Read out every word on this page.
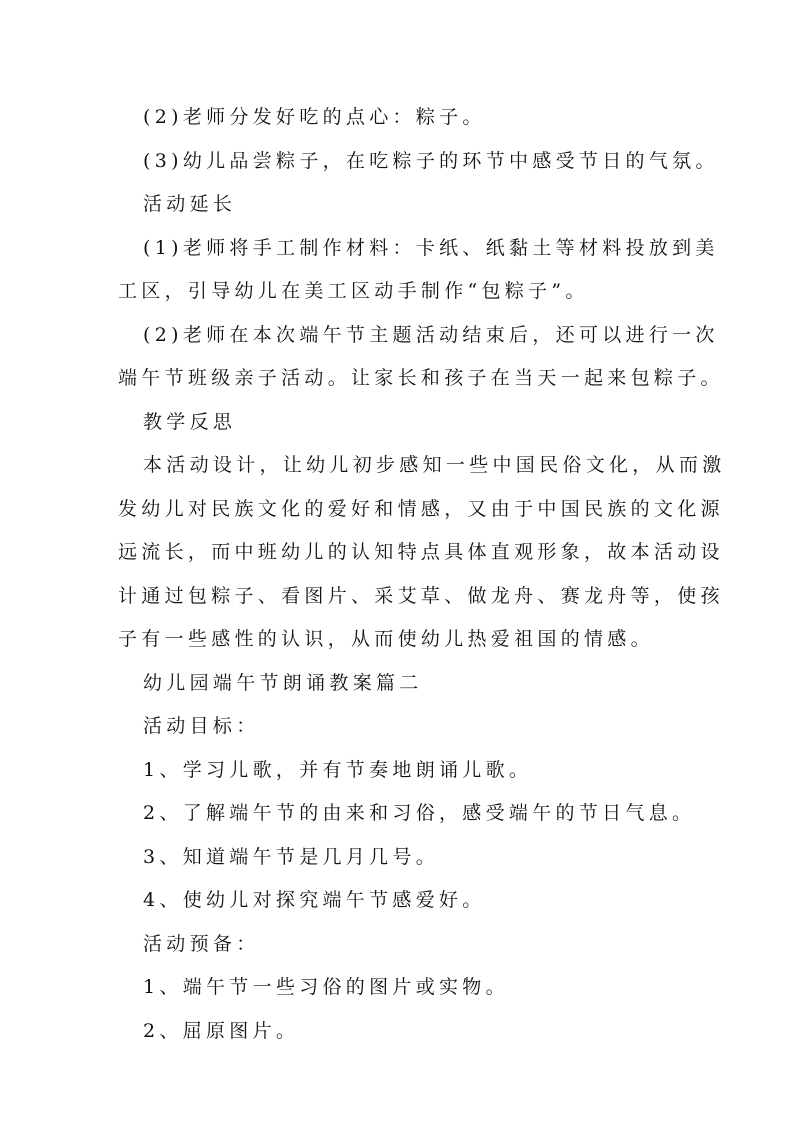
(2)老师分发好吃的点心：粽子。

(3)幼儿品尝粽子，在吃粽子的环节中感受节日的气氛。

活动延长

(1)老师将手工制作材料：卡纸、纸黏土等材料投放到美

工区，引导幼儿在美工区动手制作“包粽子”。

(2)老师在本次端午节主题活动结束后，还可以进行一次

端午节班级亲子活动。让家长和孩子在当天一起来包粽子。

教学反思

本活动设计，让幼儿初步感知一些中国民俗文化，从而激

发幼儿对民族文化的爱好和情感，又由于中国民族的文化源

远流长，而中班幼儿的认知特点具体直观形象，故本活动设

计通过包粽子、看图片、采艾草、做龙舟、赛龙舟等，使孩

子有一些感性的认识，从而使幼儿热爱祖国的情感。

幼儿园端午节朗诵教案篇二

活动目标：

1、学习儿歌，并有节奏地朗诵儿歌。

2、了解端午节的由来和习俗，感受端午的节日气息。

3、知道端午节是几月几号。

4、使幼儿对探究端午节感爱好。

活动预备：

1、端午节一些习俗的图片或实物。

2、屈原图片。
